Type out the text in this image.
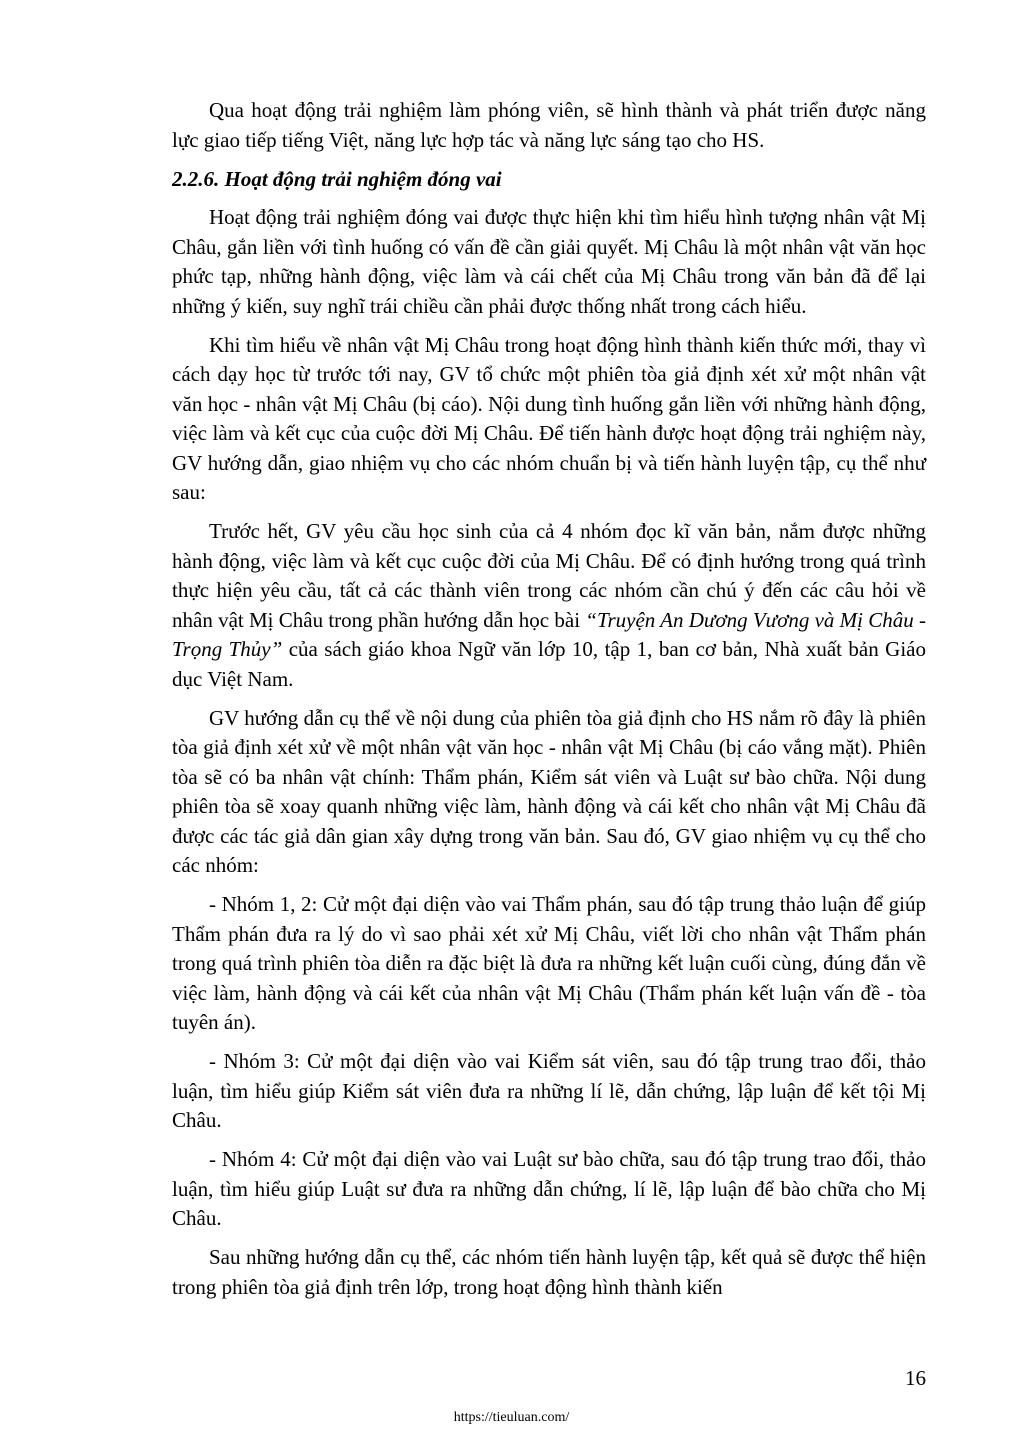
Qua hoạt động trải nghiệm làm phóng viên, sẽ hình thành và phát triển được năng lực giao tiếp tiếng Việt, năng lực hợp tác và năng lực sáng tạo cho HS.

2.2.6. Hoạt động trải nghiệm đóng vai

Hoạt động trải nghiệm đóng vai được thực hiện khi tìm hiểu hình tượng nhân vật Mị Châu, gắn liền với tình huống có vấn đề cần giải quyết. Mị Châu là một nhân vật văn học phức tạp, những hành động, việc làm và cái chết của Mị Châu trong văn bản đã để lại những ý kiến, suy nghĩ trái chiều cần phải được thống nhất trong cách hiểu.

Khi tìm hiểu về nhân vật Mị Châu trong hoạt động hình thành kiến thức mới, thay vì cách dạy học từ trước tới nay, GV tổ chức một phiên tòa giả định xét xử một nhân vật văn học - nhân vật Mị Châu (bị cáo). Nội dung tình huống gắn liền với những hành động, việc làm và kết cục của cuộc đời Mị Châu. Để tiến hành được hoạt động trải nghiệm này, GV hướng dẫn, giao nhiệm vụ cho các nhóm chuẩn bị và tiến hành luyện tập, cụ thể như sau:

Trước hết, GV yêu cầu học sinh của cả 4 nhóm đọc kĩ văn bản, nắm được những hành động, việc làm và kết cục cuộc đời của Mị Châu. Để có định hướng trong quá trình thực hiện yêu cầu, tất cả các thành viên trong các nhóm cần chú ý đến các câu hỏi về nhân vật Mị Châu trong phần hướng dẫn học bài “Truyện An Dương Vương và Mị Châu - Trọng Thủy” của sách giáo khoa Ngữ văn lớp 10, tập 1, ban cơ bản, Nhà xuất bản Giáo dục Việt Nam.

GV hướng dẫn cụ thể về nội dung của phiên tòa giả định cho HS nắm rõ đây là phiên tòa giả định xét xử về một nhân vật văn học - nhân vật Mị Châu (bị cáo vắng mặt). Phiên tòa sẽ có ba nhân vật chính: Thẩm phán, Kiểm sát viên và Luật sư bào chữa. Nội dung phiên tòa sẽ xoay quanh những việc làm, hành động và cái kết cho nhân vật Mị Châu đã được các tác giả dân gian xây dựng trong văn bản. Sau đó, GV giao nhiệm vụ cụ thể cho các nhóm:

- Nhóm 1, 2: Cử một đại diện vào vai Thẩm phán, sau đó tập trung thảo luận để giúp Thẩm phán đưa ra lý do vì sao phải xét xử Mị Châu, viết lời cho nhân vật Thẩm phán trong quá trình phiên tòa diễn ra đặc biệt là đưa ra những kết luận cuối cùng, đúng đắn về việc làm, hành động và cái kết của nhân vật Mị Châu (Thẩm phán kết luận vấn đề - tòa tuyên án).

- Nhóm 3: Cử một đại diện vào vai Kiểm sát viên, sau đó tập trung trao đổi, thảo luận, tìm hiểu giúp Kiểm sát viên đưa ra những lí lẽ, dẫn chứng, lập luận để kết tội Mị Châu.

- Nhóm 4: Cử một đại diện vào vai Luật sư bào chữa, sau đó tập trung trao đổi, thảo luận, tìm hiểu giúp Luật sư đưa ra những dẫn chứng, lí lẽ, lập luận để bào chữa cho Mị Châu.

Sau những hướng dẫn cụ thể, các nhóm tiến hành luyện tập, kết quả sẽ được thể hiện trong phiên tòa giả định trên lớp, trong hoạt động hình thành kiến

16
https://tieuluan.com/
